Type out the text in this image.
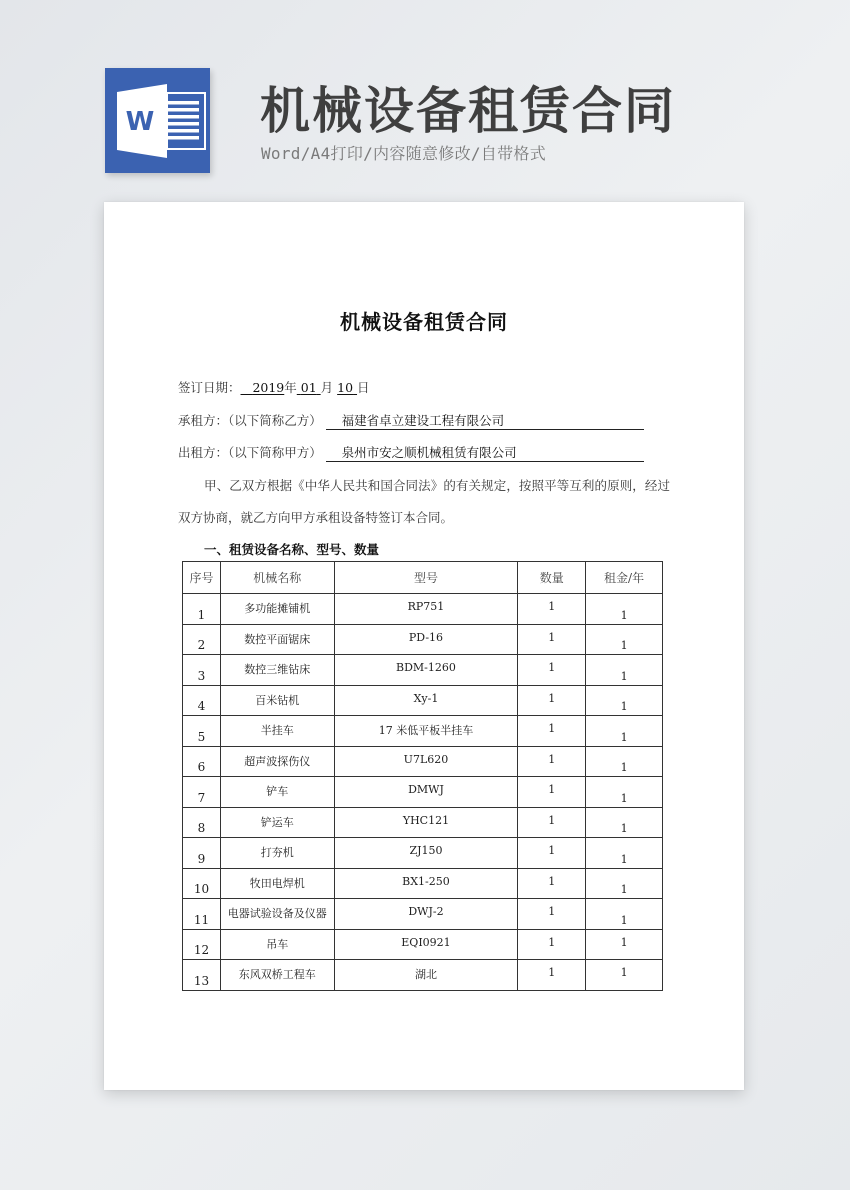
W 机械设备租赁合同
Word/A4打印/内容随意修改/自带格式
机械设备租赁合同
签订日期： 2019年 01 月 10 日
承租方：（以下简称乙方） 福建省卓立建设工程有限公司
出租方：（以下简称甲方） 泉州市安之顺机械租赁有限公司
甲、乙双方根据《中华人民共和国合同法》的有关规定，按照平等互利的原则，经过双方协商，就乙方向甲方承租设备特签订本合同。
一、租赁设备名称、型号、数量
序号	机械名称	型号	数量	租金/年
1	多功能摊铺机	RP751	1	1
2	数控平面锯床	PD-16	1	1
3	数控三维钻床	BDM-1260	1	1
4	百米钻机	Xy-1	1	1
5	半挂车	17 米低平板半挂车	1	1
6	超声波探伤仪	U7L620	1	1
7	铲车	DMWJ	1	1
8	铲运车	YHC121	1	1
9	打夯机	ZJ150	1	1
10	牧田电焊机	BX1-250	1	1
11	电器试验设备及仪器	DWJ-2	1	1
12	吊车	EQI0921	1	1
13	东风双桥工程车	湖北	1	1
